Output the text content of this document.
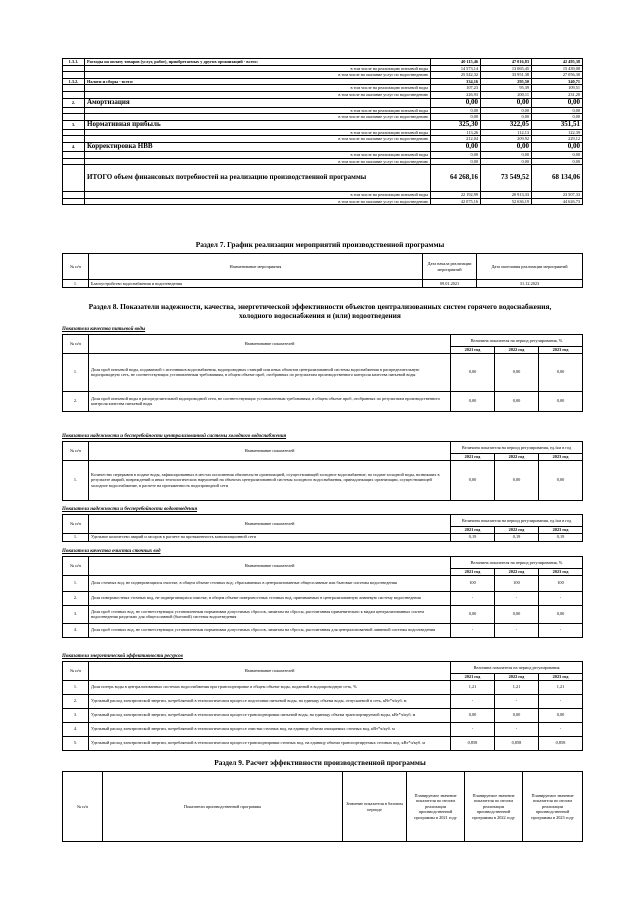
1.3.1.	Расходы на оплату товаров (услуг, работ), приобретаемых у других организаций - всего:	40 115,46	47 016,83	42 495,38
	в том числе на реализацию питьевой воды	14 573,14	13 065,45	15 439,08
	в том числе на оказание услуг по водоотведению	25 542,32	33 951,38	27 056,30
1.3.2.	Налоги и сборы - всего:	334,16	295,50	340,71
	в том числе на реализацию питьевой воды	107,23	95,39	109,51
	в том числе на оказание услуг по водоотведению	226,93	200,11	231,20
2.	Амортизация	0,00	0,00	0,00
	в том числе на реализацию питьевой воды	0,00	0,00	0,00
	в том числе на оказание услуг по водоотведению	0,00	0,00	0,00
3.	Нормативная прибыль	325,30	322,05	351,51
	в том числе на реализацию питьевой воды	113,26	112,13	122,39
	в том числе на оказание услуг по водоотведению	212,04	209,92	229,12
4.	Корректировка НВВ	0,00	0,00	0,00
	в том числе на реализацию питьевой воды	0,00	0,00	0,00
	в том числе на оказание услуг по водоотведению	0,00	0,00	0,00
	ИТОГО объем финансовых потребностей на реализацию производственной программы	64 268,16	73 549,52	68 134,06
	в том числе на реализацию питьевой воды	22 192,99	20 913,33	23 507,33
	в том числе на оказание услуг по водоотведению	42 075,16	52 636,19	44 626,73
Раздел 7. График реализации мероприятий производственной программы
№ п/п	Наименование мероприятия	Дата начала реализации мероприятий	Дата окончания реализации мероприятий
1.	Благоустройство водоснабжения и водоотведения	09.01.2021	31.12.2023
Раздел 8. Показатели надежности, качества, энергетической эффективности объектов централизованных систем горячего водоснабжения, холодного водоснабжения и (или) водоотведения
Показатели качества питьевой воды
№ п/п	Наименование показателей	Величина показателя на период регулирования, %		
		2021 год	2022 год	2023 год
1.	Доля проб питьевой воды, подаваемой с источников водоснабжения, водопроводных станций или иных объектов централизованной системы водоснабжения в распределительную водопроводную сеть, не соответствующих установленным требованиям, в общем объеме проб, отобранных по результатам производственного контроля качества питьевой воды	0,00	0,00	0,00
2.	Доля проб питьевой воды в распределительной водопроводной сети, не соответствующих установленным требованиям, в общем объеме проб, отобранных по результатам производственного контроля качества питьевой воды	0,00	0,00	0,00
Показатели надежности и бесперебойности централизованной системы холодного водоснабжения
№ п/п	Наименование показателей	Величина показателя на период регулирования, ед./км в год		
		2021 год	2022 год	2023 год
1.	Количество перерывов в подаче воды, зафиксированных в местах исполнения обязательств организацией, осуществляющей холодное водоснабжение, по подаче холодной воды, возникших в результате аварий, повреждений и иных технологических нарушений на объектах централизованной системы холодного водоснабжения, принадлежащих организации, осуществляющей холодное водоснабжение, в расчете на протяженность водопроводной сети	0,00	0,00	0,00
Показатели надежности и бесперебойности водоотведения
№ п/п	Наименование показателей	Величина показателя на период регулирования, ед./км в год		
		2021 год	2022 год	2023 год
1.	Удельное количество аварий и засоров в расчете на протяженность канализационной сети	0,19	0,19	0,19
Показатели качества очистки сточных вод
№ п/п	Наименование показателей	Величина показателя на период регулирования, %		
		2021 год	2022 год	2023 год
1.	Доля сточных вод, не подвергающихся очистке, в общем объеме сточных вод, сбрасываемых в централизованные общесплавные или бытовые системы водоотведения	100	100	100
2.	Доля поверхностных сточных вод, не подвергающихся очистке, в общем объеме поверхностных сточных вод, принимаемых в централизованную ливневую систему водоотведения	-	-	-
3.	Доля проб сточных вод, не соответствующих установленным нормативам допустимых сбросов, лимитам на сбросы, рассчитанная применительно к видам централизованных систем водоотведения раздельно для общесплавной (бытовой) системы водоотведения	0,00	0,00	0,00
4.	Доля проб сточных вод, не соответствующих установленным нормативам допустимых сбросов, лимитам на сбросы, рассчитанная для централизованной ливневой системы водоотведения	-	-	-
Показатели энергетической эффективности ресурсов
№ п/п	Наименование показателей	Величина показателя на период регулирования		
		2021 год	2022 год	2023 год
1.	Доля потерь воды в централизованных системах водоснабжения при транспортировке в общем объеме воды, поданной в водопроводную сеть, %	1,21	1,21	1,21
2.	Удельный расход электрической энергии, потребляемой в технологическом процессе подготовки питьевой воды, на единицу объема воды, отпускаемой в сеть, кВт*ч/куб. м	-	-	-
3.	Удельный расход электрической энергии, потребляемой в технологическом процессе транспортировки питьевой воды, на единицу объема транспортируемой воды, кВт*ч/куб. м	0,00	0,00	0,00
4.	Удельный расход электрической энергии, потребляемой в технологическом процессе очистки сточных вод, на единицу объема очищаемых сточных вод, кВт*ч/куб. м	-	-	-
5.	Удельный расход электрической энергии, потребляемой в технологическом процессе транспортировки сточных вод, на единицу объема транспортируемых сточных вод, кВт*ч/куб. м	0,858	0,858	0,858
Раздел 9. Расчет эффективности производственной программы
№ п/п	Показатели производственной программы	Значение показателя в базовом периоде	Планируемое значение показателя по итогам реализации производственной программы в 2021 году	Планируемое значение показателя по итогам реализации производственной программы в 2022 году	Планируемое значение показателя по итогам реализации производственной программы в 2023 году
